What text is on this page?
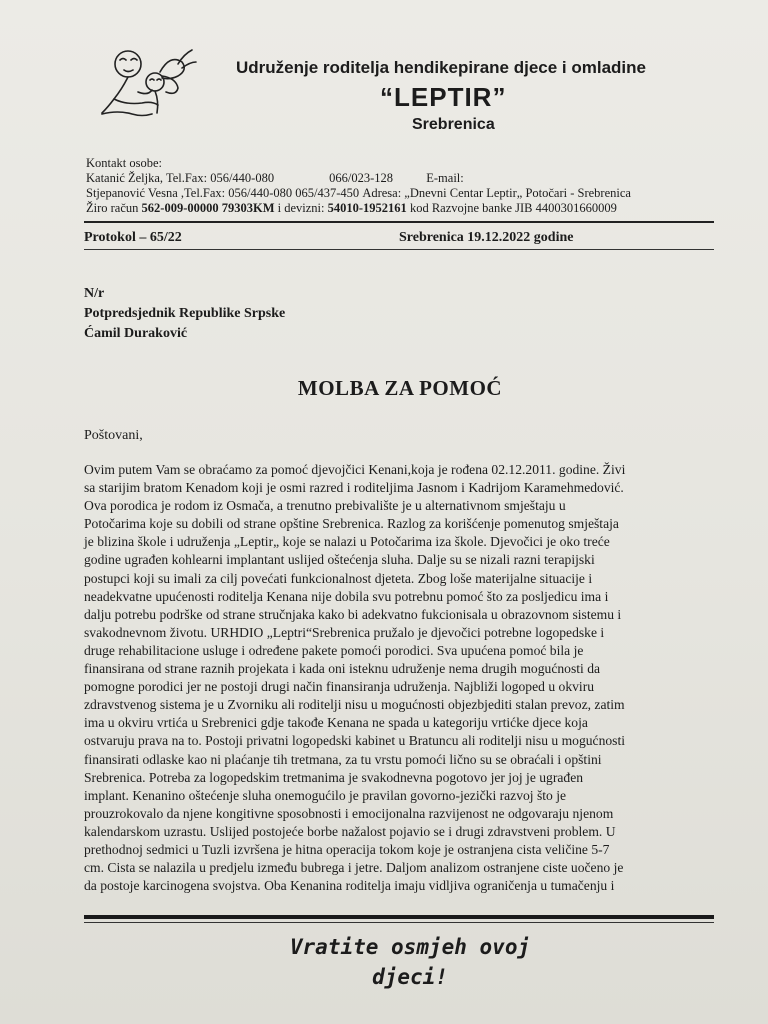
Udruženje roditelja hendikepirane djece i omladine
“LEPTIR”
Srebrenica
Kontakt osobe:
Katanić Željka, Tel.Fax: 056/440-080	066/023-128	E-mail:
Stjepanović Vesna ,Tel.Fax: 056/440-080 065/437-450 Adresa: „Dnevni Centar Leptir„ Potočari - Srebrenica
Žiro račun 562-009-00000 79303KM i devizni: 54010-1952161 kod Razvojne banke JIB 4400301660009
Protokol – 65/22	Srebrenica 19.12.2022 godine
N/r
Potpredsjednik Republike Srpske
Ćamil Duraković
MOLBA ZA POMOĆ
Poštovani,
Ovim putem Vam se obraćamo za pomoć djevojčici Kenani,koja je rođena 02.12.2011. godine. Živi
sa starijim bratom Kenadom koji je osmi razred i roditeljima Jasnom i Kadrijom Karamehmedović.
Ova porodica je rodom iz Osmača, a trenutno prebivalište je u alternativnom smještaju u
Potočarima koje su dobili od strane opštine Srebrenica. Razlog za korišćenje pomenutog smještaja
je blizina škole i udruženja „Leptir„ koje se nalazi u Potočarima iza škole. Djevočici je oko treće
godine ugrađen kohlearni implantant uslijed oštećenja sluha. Dalje su se nizali razni terapijski
postupci koji su imali za cilj povećati funkcionalnost djeteta. Zbog loše materijalne situacije i
neadekvatne upućenosti roditelja Kenana nije dobila svu potrebnu pomoć što za posljedicu ima i
dalju potrebu podrške od strane stručnjaka kako bi adekvatno fukcionisala u obrazovnom sistemu i
svakodnevnom životu. URHDIO „Leptri“Srebrenica pružalo je djevočici potrebne logopedske i
druge rehabilitacione usluge i određene pakete pomoći porodici. Sva upućena pomoć bila je
finansirana od strane raznih projekata i kada oni isteknu udruženje nema drugih mogućnosti da
pomogne porodici jer ne postoji drugi način finansiranja udruženja. Najbliži logoped u okviru
zdravstvenog sistema je u Zvorniku ali roditelji nisu u mogućnosti objezbjediti stalan prevoz, zatim
ima u okviru vrtića u Srebrenici gdje takođe Kenana ne spada u kategoriju vrtićke djece koja
ostvaruju prava na to. Postoji privatni logopedski kabinet u Bratuncu ali roditelji nisu u mogućnosti
finansirati odlaske kao ni plaćanje tih tretmana, za tu vrstu pomoći lično su se obraćali i opštini
Srebrenica. Potreba za logopedskim tretmanima je svakodnevna pogotovo jer joj je ugrađen
implant. Kenanino oštećenje sluha onemogućilo je pravilan govorno-jezički razvoj što je
prouzrokovalo da njene kongitivne sposobnosti i emocijonalna razvijenost ne odgovaraju njenom
kalendarskom uzrastu. Uslijed postojeće borbe nažalost pojavio se i drugi zdravstveni problem. U
prethodnoj sedmici u Tuzli izvršena je hitna operacija tokom koje je ostranjena cista veličine 5-7
cm. Cista se nalazila u predjelu između bubrega i jetre. Daljom analizom ostranjene ciste uočeno je
da postoje karcinogena svojstva. Oba Kenanina roditelja imaju vidljiva ograničenja u tumačenju i
Vratite osmjeh ovoj
djeci!
